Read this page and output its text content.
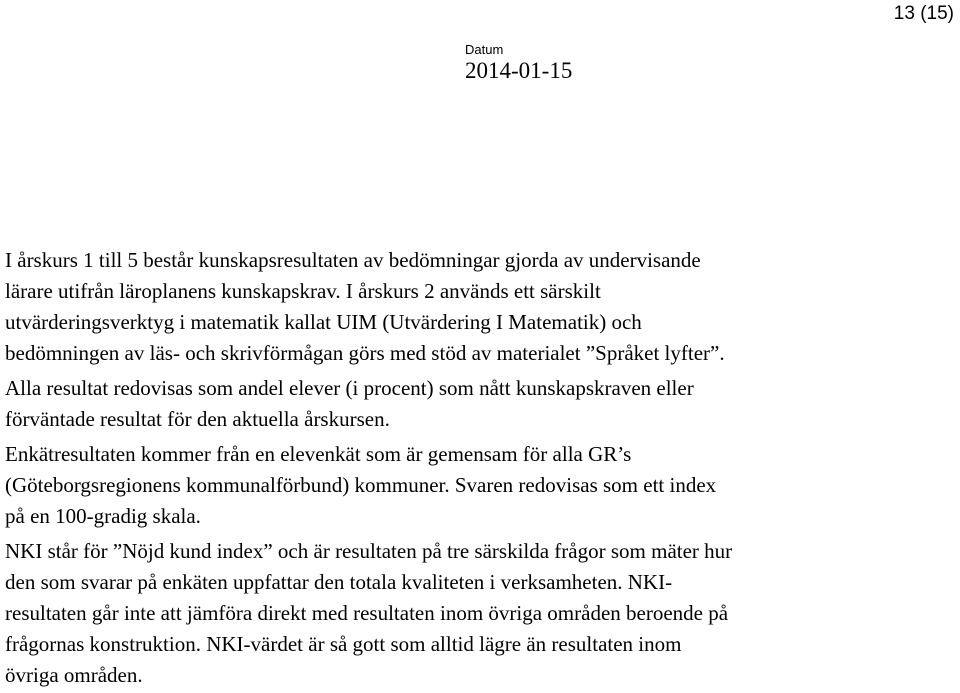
13 (15)
Datum
2014-01-15

I årskurs 1 till 5 består kunskapsresultaten av bedömningar gjorda av undervisande
lärare utifrån läroplanens kunskapskrav. I årskurs 2 används ett särskilt
utvärderingsverktyg i matematik kallat UIM (Utvärdering I Matematik) och
bedömningen av läs- och skrivförmågan görs med stöd av materialet ”Språket lyfter”.

Alla resultat redovisas som andel elever (i procent) som nått kunskapskraven eller
förväntade resultat för den aktuella årskursen.

Enkätresultaten kommer från en elevenkät som är gemensam för alla GR’s
(Göteborgsregionens kommunalförbund) kommuner. Svaren redovisas som ett index
på en 100-gradig skala.

NKI står för ”Nöjd kund index” och är resultaten på tre särskilda frågor som mäter hur
den som svarar på enkäten uppfattar den totala kvaliteten i verksamheten. NKI-
resultaten går inte att jämföra direkt med resultaten inom övriga områden beroende på
frågornas konstruktion. NKI-värdet är så gott som alltid lägre än resultaten inom
övriga områden.
